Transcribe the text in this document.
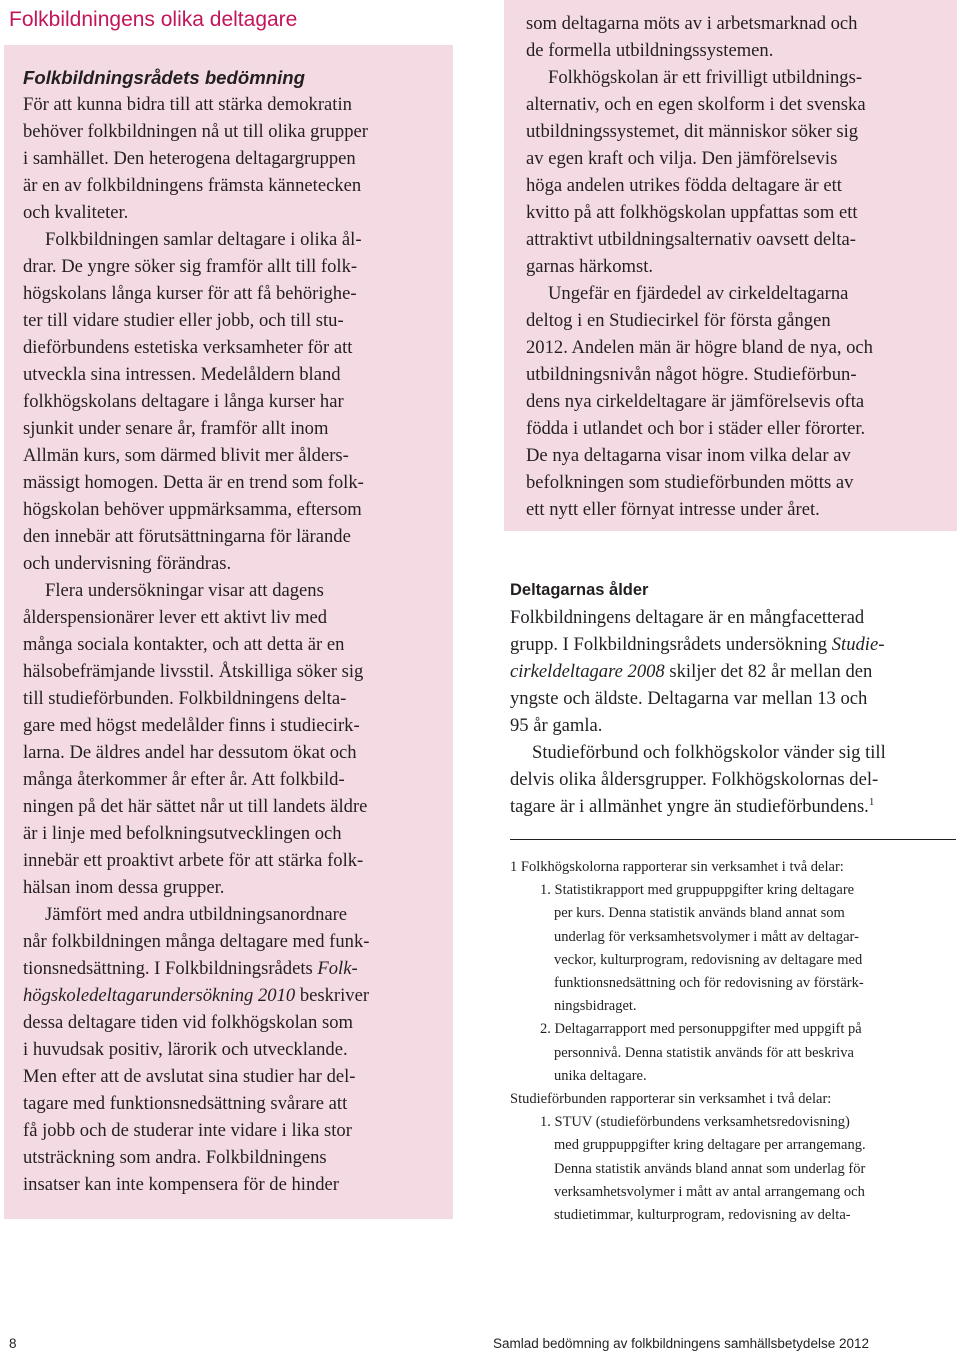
Folkbildningens olika deltagare
Folkbildningsrådets bedömning
För att kunna bidra till att stärka demokratin
behöver folkbildningen nå ut till olika grupper
i samhället. Den heterogena deltagargruppen
är en av folkbildningens främsta kännetecken
och kvaliteter.
Folkbildningen samlar deltagare i olika ål-
drar. De yngre söker sig framför allt till folk-
högskolans långa kurser för att få behörighe-
ter till vidare studier eller jobb, och till stu-
dieförbundens estetiska verksamheter för att
utveckla sina intressen. Medelåldern bland
folkhögskolans deltagare i långa kurser har
sjunkit under senare år, framför allt inom
Allmän kurs, som därmed blivit mer ålders-
mässigt homogen. Detta är en trend som folk-
högskolan behöver uppmärksamma, eftersom
den innebär att förutsättningarna för lärande
och undervisning förändras.
Flera undersökningar visar att dagens
ålderspensionärer lever ett aktivt liv med
många sociala kontakter, och att detta är en
hälsobefrämjande livsstil. Åtskilliga söker sig
till studieförbunden. Folkbildningens delta-
gare med högst medelålder finns i studiecirk-
larna. De äldres andel har dessutom ökat och
många återkommer år efter år. Att folkbild-
ningen på det här sättet når ut till landets äldre
är i linje med befolkningsutvecklingen och
innebär ett proaktivt arbete för att stärka folk-
hälsan inom dessa grupper.
Jämfört med andra utbildningsanordnare
når folkbildningen många deltagare med funk-
tionsnedsättning. I Folkbildningsrådets Folk-
högskoledeltagarundersökning 2010 beskriver
dessa deltagare tiden vid folkhögskolan som
i huvudsak positiv, lärorik och utvecklande.
Men efter att de avslutat sina studier har del-
tagare med funktionsnedsättning svårare att
få jobb och de studerar inte vidare i lika stor
utsträckning som andra. Folkbildningens
insatser kan inte kompensera för de hinder
som deltagarna möts av i arbetsmarknad och
de formella utbildningssystemen.
Folkhögskolan är ett frivilligt utbildnings-
alternativ, och en egen skolform i det svenska
utbildningssystemet, dit människor söker sig
av egen kraft och vilja. Den jämförelsevis
höga andelen utrikes födda deltagare är ett
kvitto på att folkhögskolan uppfattas som ett
attraktivt utbildningsalternativ oavsett delta-
garnas härkomst.
Ungefär en fjärdedel av cirkeldeltagarna
deltog i en Studiecirkel för första gången
2012. Andelen män är högre bland de nya, och
utbildningsnivån något högre. Studieförbun-
dens nya cirkeldeltagare är jämförelsevis ofta
födda i utlandet och bor i städer eller förorter.
De nya deltagarna visar inom vilka delar av
befolkningen som studieförbunden mötts av
ett nytt eller förnyat intresse under året.
Deltagarnas ålder
Folkbildningens deltagare är en mångfacetterad
grupp. I Folkbildningsrådets undersökning Studie-
cirkeldeltagare 2008 skiljer det 82 år mellan den
yngste och äldste. Deltagarna var mellan 13 och
95 år gamla.
Studieförbund och folkhögskolor vänder sig till
delvis olika åldersgrupper. Folkhögskolornas del-
tagare är i allmänhet yngre än studieförbundens.$^1$
1 Folkhögskolorna rapporterar sin verksamhet i två delar:
1. Statistikrapport med gruppuppgifter kring deltagare
per kurs. Denna statistik används bland annat som
underlag för verksamhetsvolymer i mått av deltagar-
veckor, kulturprogram, redovisning av deltagare med
funktionsnedsättning och för redovisning av förstärk-
ningsbidraget.
2. Deltagarrapport med personuppgifter med uppgift på
personnivå. Denna statistik används för att beskriva
unika deltagare.
Studieförbunden rapporterar sin verksamhet i två delar:
1. STUV (studieförbundens verksamhetsredovisning)
med gruppuppgifter kring deltagare per arrangemang.
Denna statistik används bland annat som underlag för
verksamhetsvolymer i mått av antal arrangemang och
studietimmar, kulturprogram, redovisning av delta-
8	Samlad bedömning av folkbildningens samhällsbetydelse 2012
